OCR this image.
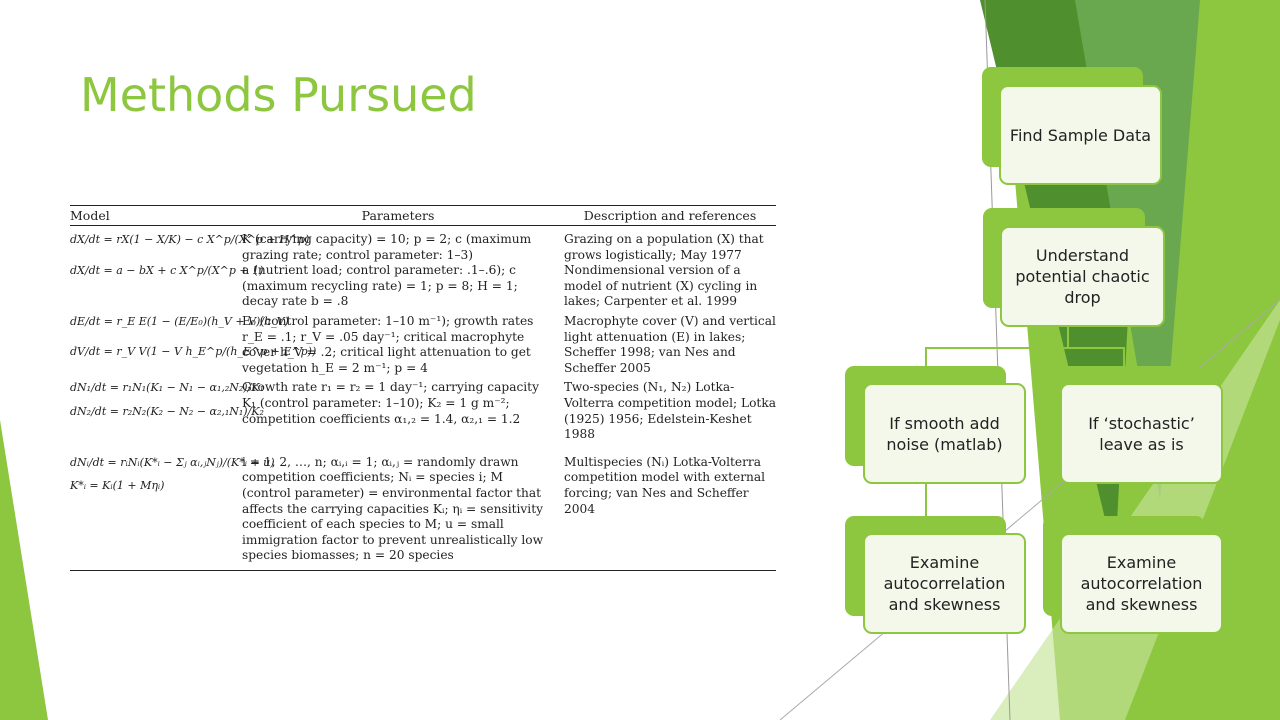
Methods Pursued
Model	Parameters	Description and references
dX/dt = rX(1 − X/K) − c X^p/(X^p + H^p)
K (carrying capacity) = 10; p = 2; c (maximum grazing rate; control parameter: 1–3)
Grazing on a population (X) that grows logistically; May 1977
dX/dt = a − bX + c X^p/(X^p + 1)
a (nutrient load; control parameter: .1–.6); c (maximum recycling rate) = 1; p = 8; H = 1; decay rate b = .8
Nondimensional version of a model of nutrient (X) cycling in lakes; Carpenter et al. 1999
dE/dt = r_E E(1 − (E/E₀)(h_V + V)/h_V)
dV/dt = r_V V(1 − V h_E^p/(h_E^p + E^p))
E₀ (control parameter: 1–10 m⁻¹); growth rates r_E = .1; r_V = .05 day⁻¹; critical macrophyte cover h_V = .2; critical light attenuation to get vegetation h_E = 2 m⁻¹; p = 4
Macrophyte cover (V) and vertical light attenuation (E) in lakes; Scheffer 1998; van Nes and Scheffer 2005
dN₁/dt = r₁N₁(K₁ − N₁ − α₁,₂N₂)/K₁
dN₂/dt = r₂N₂(K₂ − N₂ − α₂,₁N₁)/K₂
Growth rate r₁ = r₂ = 1 day⁻¹; carrying capacity K₁ (control parameter: 1–10); K₂ = 1 g m⁻²; competition coefficients α₁,₂ = 1.4, α₂,₁ = 1.2
Two-species (N₁, N₂) Lotka-Volterra competition model; Lotka (1925) 1956; Edelstein-Keshet 1988
dNᵢ/dt = rᵢNᵢ(K*ᵢ − Σⱼ αᵢ,ⱼNⱼ)/(K*ᵢ + u)
K*ᵢ = Kᵢ(1 + Mηᵢ)
i = 1, 2, …, n; αᵢ,ᵢ = 1; αᵢ,ⱼ = randomly drawn competition coefficients; Nᵢ = species i; M (control parameter) = environmental factor that affects the carrying capacities Kᵢ; ηᵢ = sensitivity coefficient of each species to M; u = small immigration factor to prevent unrealistically low species biomasses; n = 20 species
Multispecies (Nᵢ) Lotka-Volterra competition model with external forcing; van Nes and Scheffer 2004
Find Sample Data
Understand potential chaotic drop
If smooth add noise (matlab)
If ‘stochastic’ leave as is
Examine autocorrelation and skewness
Examine autocorrelation and skewness
